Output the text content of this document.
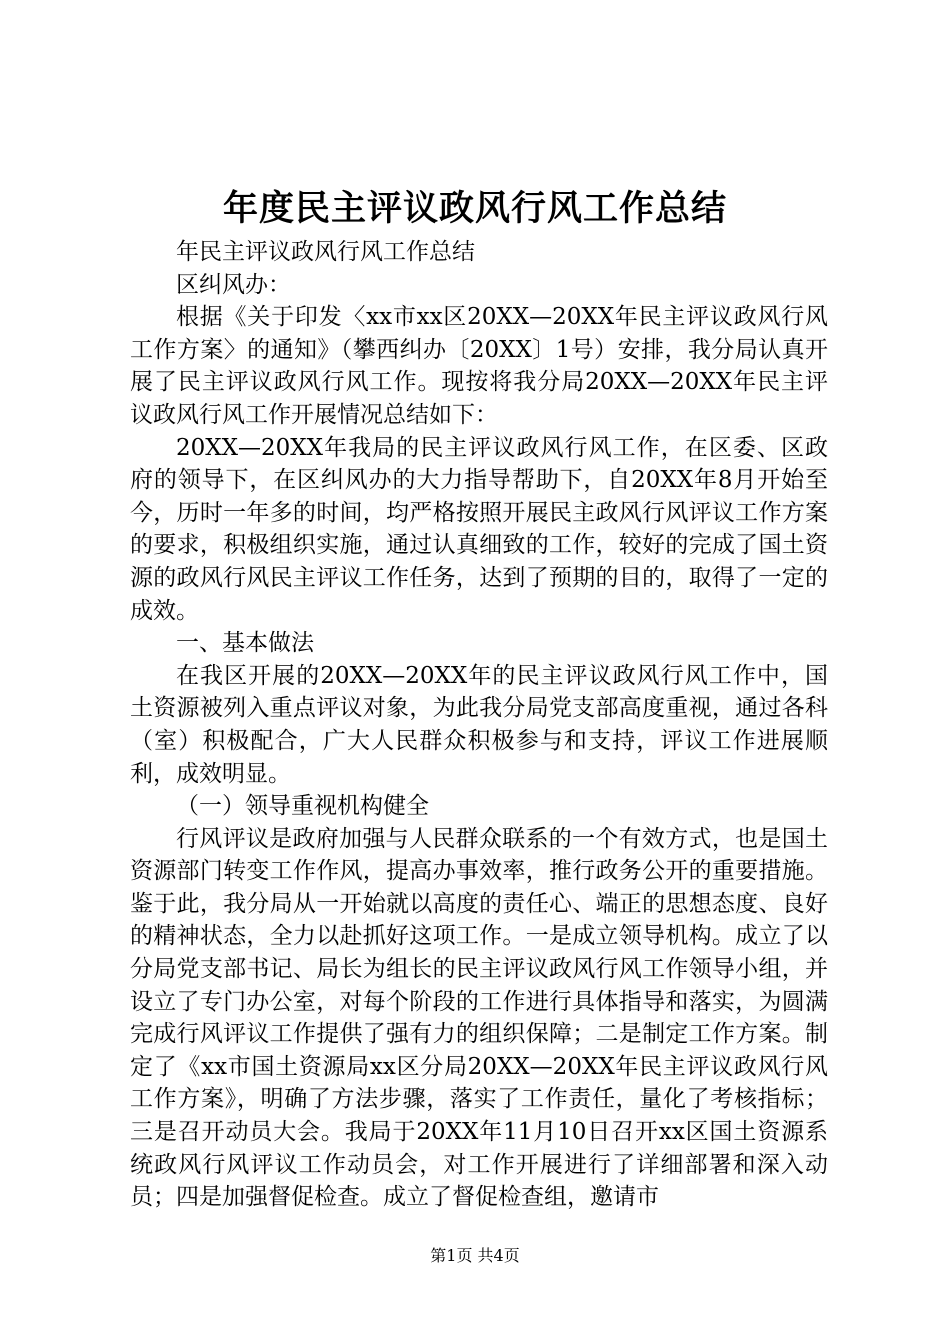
年度民主评议政风行风工作总结

年民主评议政风行风工作总结

区纠风办：

根据《关于印发〈xx市xx区20XX—20XX年民主评议政风行风工作方案〉的通知》（攀西纠办〔20XX〕1号）安排，我分局认真开展了民主评议政风行风工作。现按将我分局20XX—20XX年民主评议政风行风工作开展情况总结如下：

20XX—20XX年我局的民主评议政风行风工作，在区委、区政府的领导下，在区纠风办的大力指导帮助下，自20XX年8月开始至今，历时一年多的时间，均严格按照开展民主政风行风评议工作方案的要求，积极组织实施，通过认真细致的工作，较好的完成了国土资源的政风行风民主评议工作任务，达到了预期的目的，取得了一定的成效。

一、基本做法

在我区开展的20XX—20XX年的民主评议政风行风工作中，国土资源被列入重点评议对象，为此我分局党支部高度重视，通过各科（室）积极配合，广大人民群众积极参与和支持，评议工作进展顺利，成效明显。

（一）领导重视机构健全

行风评议是政府加强与人民群众联系的一个有效方式，也是国土资源部门转变工作作风，提高办事效率，推行政务公开的重要措施。鉴于此，我分局从一开始就以高度的责任心、端正的思想态度、良好的精神状态，全力以赴抓好这项工作。一是成立领导机构。成立了以分局党支部书记、局长为组长的民主评议政风行风工作领导小组，并设立了专门办公室，对每个阶段的工作进行具体指导和落实，为圆满完成行风评议工作提供了强有力的组织保障；二是制定工作方案。制定了《xx市国土资源局xx区分局20XX—20XX年民主评议政风行风工作方案》，明确了方法步骤，落实了工作责任，量化了考核指标；三是召开动员大会。我局于20XX年11月10日召开xx区国土资源系统政风行风评议工作动员会，对工作开展进行了详细部署和深入动员；四是加强督促检查。成立了督促检查组，邀请市

第1页 共4页
